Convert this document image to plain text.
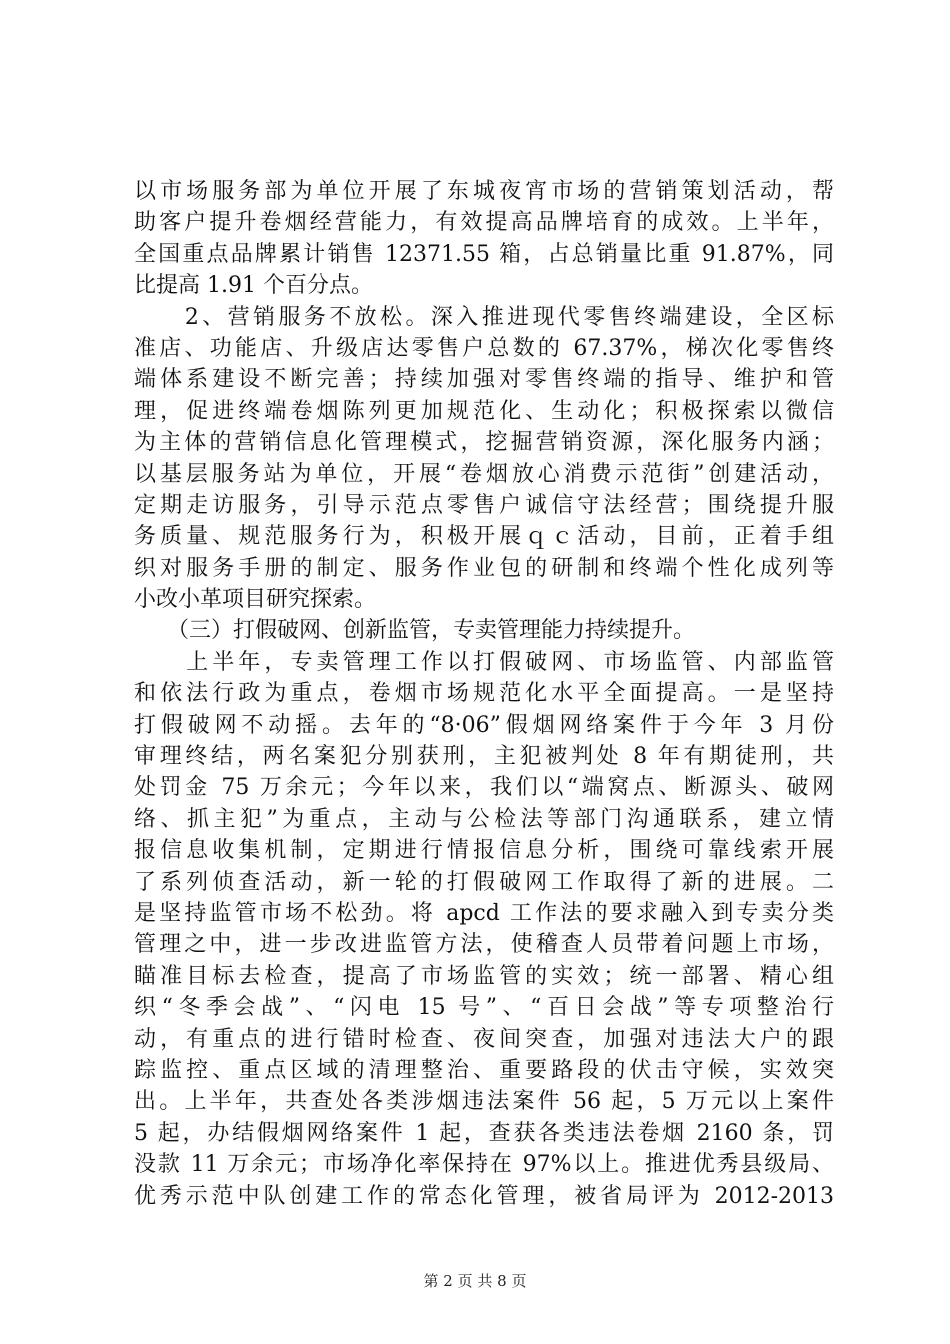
以市场服务部为单位开展了东城夜宵市场的营销策划活动，帮
助客户提升卷烟经营能力，有效提高品牌培育的成效。上半年，
全国重点品牌累计销售 12371.55 箱，占总销量比重 91.87%，同
比提高 1.91 个百分点。
　　2、营销服务不放松。深入推进现代零售终端建设，全区标
准店、功能店、升级店达零售户总数的 67.37%，梯次化零售终
端体系建设不断完善；持续加强对零售终端的指导、维护和管
理，促进终端卷烟陈列更加规范化、生动化；积极探索以微信
为主体的营销信息化管理模式，挖掘营销资源，深化服务内涵；
以基层服务站为单位，开展“卷烟放心消费示范街”创建活动，
定期走访服务，引导示范点零售户诚信守法经营；围绕提升服
务质量、规范服务行为，积极开展ｑｃ活动，目前，正着手组
织对服务手册的制定、服务作业包的研制和终端个性化成列等
小改小革项目研究探索。
　　（三）打假破网、创新监管，专卖管理能力持续提升。
　　上半年，专卖管理工作以打假破网、市场监管、内部监管
和依法行政为重点，卷烟市场规范化水平全面提高。一是坚持
打假破网不动摇。去年的“8·06”假烟网络案件于今年 3 月份
审理终结，两名案犯分别获刑，主犯被判处 8 年有期徒刑，共
处罚金 75 万余元；今年以来，我们以“端窝点、断源头、破网
络、抓主犯”为重点，主动与公检法等部门沟通联系，建立情
报信息收集机制，定期进行情报信息分析，围绕可靠线索开展
了系列侦查活动，新一轮的打假破网工作取得了新的进展。二
是坚持监管市场不松劲。将 apcd 工作法的要求融入到专卖分类
管理之中，进一步改进监管方法，使稽查人员带着问题上市场，
瞄准目标去检查，提高了市场监管的实效；统一部署、精心组
织“冬季会战”、“闪电 15 号”、“百日会战”等专项整治行
动，有重点的进行错时检查、夜间突查，加强对违法大户的跟
踪监控、重点区域的清理整治、重要路段的伏击守候，实效突
出。上半年，共查处各类涉烟违法案件 56 起，5 万元以上案件
5 起，办结假烟网络案件 1 起，查获各类违法卷烟 2160 条，罚
没款 11 万余元；市场净化率保持在 97%以上。推进优秀县级局、
优秀示范中队创建工作的常态化管理，被省局评为 2012-2013
第 2 页 共 8 页
